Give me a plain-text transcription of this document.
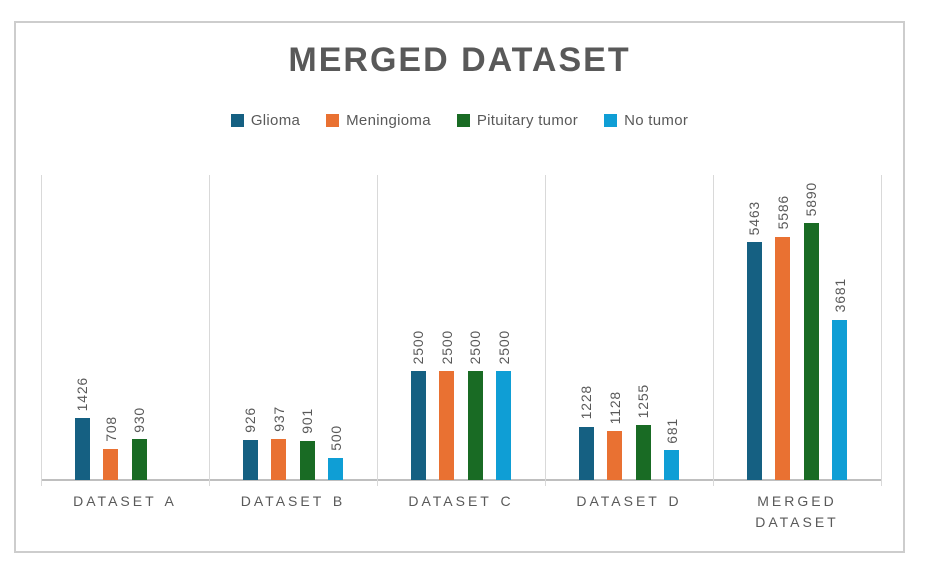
MERGED DATASET
Glioma	Meningioma	Pituitary tumor	No tumor
1426
708 930	926 937 901
500
2500 2500 2500 2500
1228 1128 1255
681
5463 5586 5890
3681
DATASET A	DATASET B	DATASET C	DATASET D	MERGED DATASET
